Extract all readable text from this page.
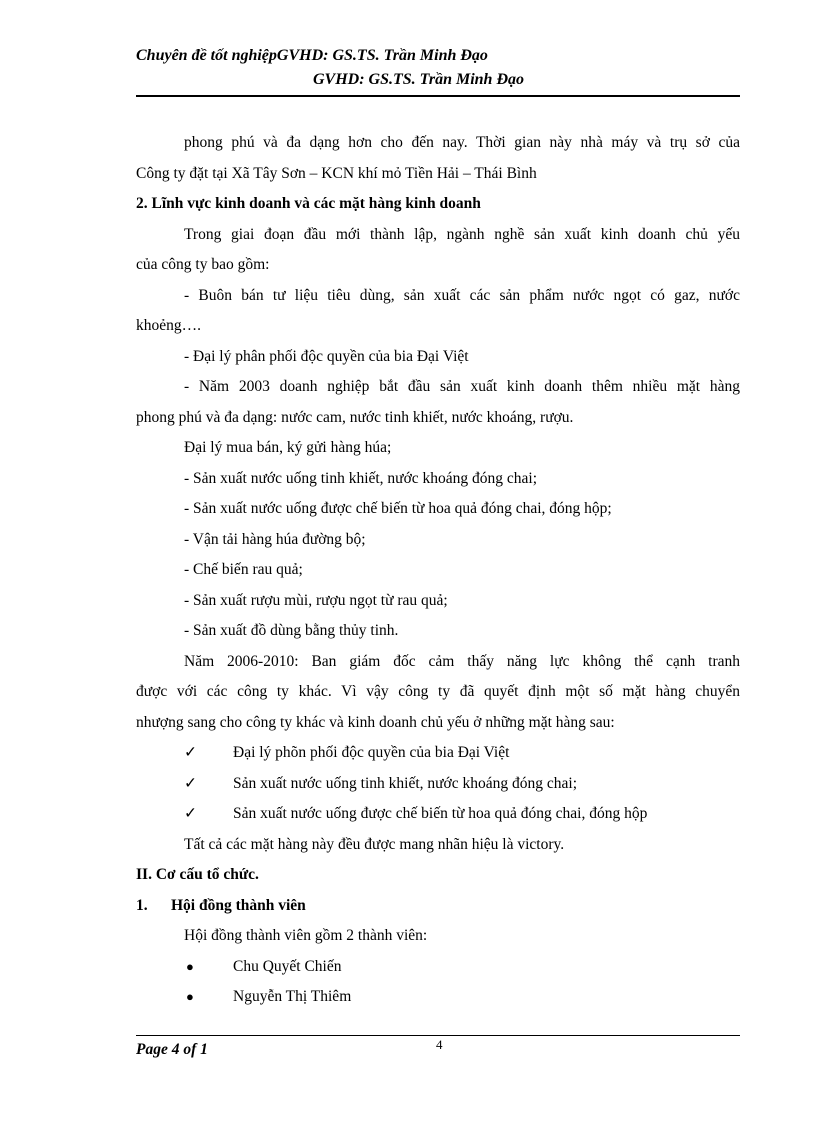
Chuyên đề tốt nghiệpGVHD: GS.TS. Trần Minh Đạo
GVHD: GS.TS. Trần Minh Đạo
phong phú và đa dạng hơn cho đến nay. Thời gian này nhà máy và trụ sở của
Công ty đặt tại Xã Tây Sơn – KCN khí mỏ Tiền Hải – Thái Bình
2. Lĩnh vực kinh doanh và các mặt hàng kinh doanh
Trong giai đoạn đầu mới thành lập, ngành nghề sản xuất kinh doanh chủ yếu
của công ty bao gồm:
- Buôn bán tư liệu tiêu dùng, sản xuất các sản phẩm nước ngọt có gaz, nước
khoẻng….
- Đại lý phân phối độc quyền của bia Đại Việt
- Năm 2003 doanh nghiệp bắt đầu sản xuất kinh doanh thêm nhiều mặt hàng
phong phú và đa dạng: nước cam, nước tinh khiết, nước khoáng, rượu.
Đại lý mua bán, ký gửi hàng húa;
- Sản xuất nước uống tinh khiết, nước khoáng đóng chai;
- Sản xuất nước uống được chế biến từ hoa quả đóng chai, đóng hộp;
- Vận tải hàng húa đường bộ;
- Chế biến rau quả;
- Sản xuất rượu mùi, rượu ngọt từ rau quả;
- Sản xuất đồ dùng bằng thủy tinh.
Năm 2006-2010: Ban giám đốc cảm thấy năng lực không thể cạnh tranh
được với các công ty khác. Vì vậy công ty đã quyết định một số mặt hàng chuyển
nhượng sang cho công ty khác và kinh doanh chủ yếu ở những mặt hàng sau:
✓ Đại lý phõn phối độc quyền của bia Đại Việt
✓ Sản xuất nước uống tinh khiết, nước khoáng đóng chai;
✓ Sản xuất nước uống được chế biến từ hoa quả đóng chai, đóng hộp
Tất cả các mặt hàng này đều được mang nhãn hiệu là victory.
II. Cơ cấu tổ chức.
1. Hội đồng thành viên
Hội đồng thành viên gồm 2 thành viên:
●	Chu Quyết Chiến
●	Nguyễn Thị Thiêm
Page 4 of 1	4
